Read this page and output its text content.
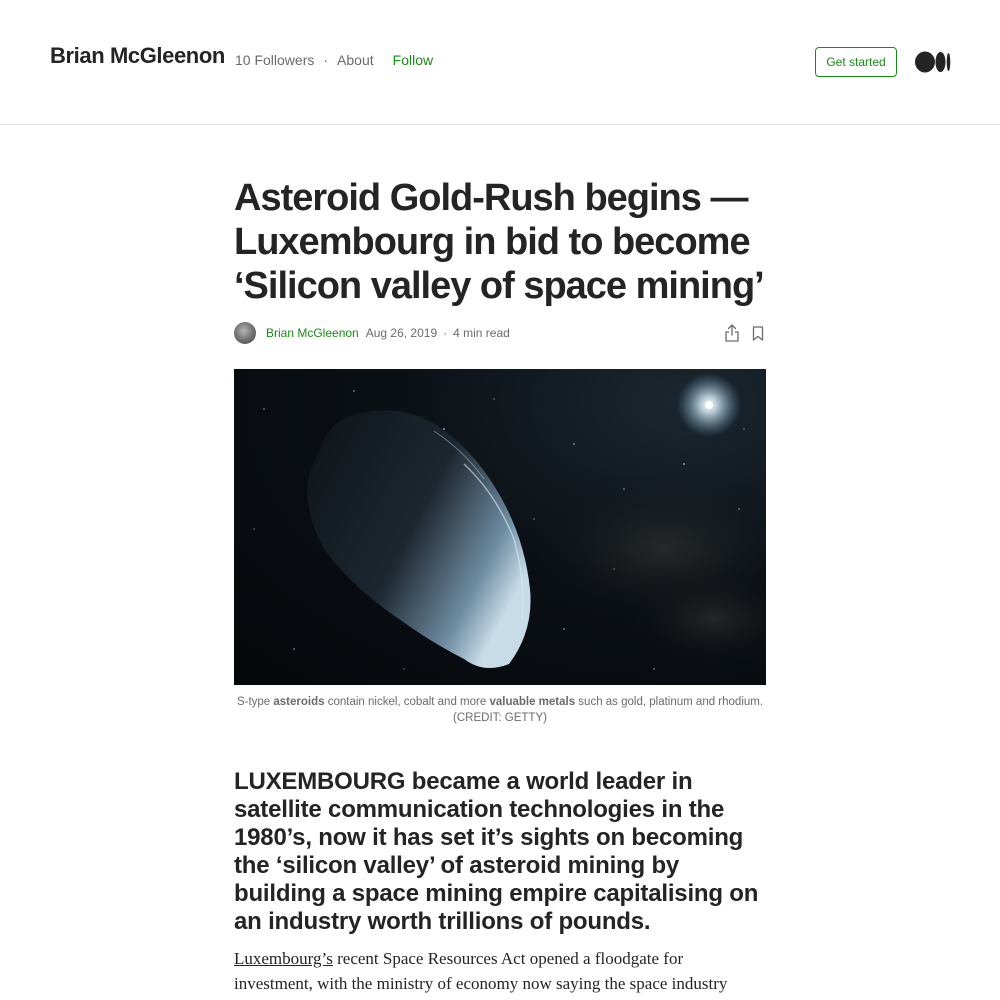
Brian McGleenon 10 Followers · About Follow	Get started
Asteroid Gold-Rush begins — Luxembourg in bid to become ‘Silicon valley of space mining’
Brian McGleenon Aug 26, 2019 · 4 min read
S-type asteroids contain nickel, cobalt and more valuable metals such as gold, platinum and rhodium.
(CREDIT: GETTY)
LUXEMBOURG became a world leader in satellite communication technologies in the 1980’s, now it has set it’s sights on becoming the ‘silicon valley’ of asteroid mining by building a space mining empire capitalising on an industry worth trillions of pounds.

Luxembourg’s recent Space Resources Act opened a floodgate for investment, with the ministry of economy now saying the space industry
